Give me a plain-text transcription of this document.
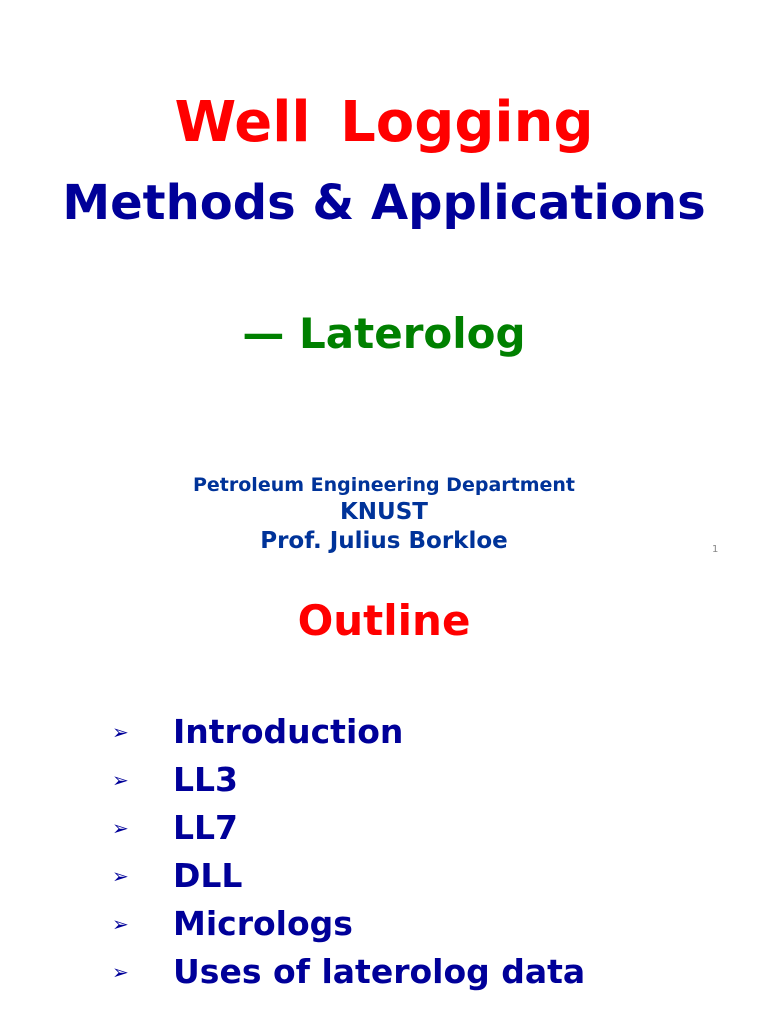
Well Logging
Methods & Applications
— Laterolog
Petroleum Engineering Department
KNUST
Prof. Julius Borkloe	1
Outline
➢ Introduction
➢ LL3
➢ LL7
➢ DLL
➢ Micrologs
➢ Uses of laterolog data
